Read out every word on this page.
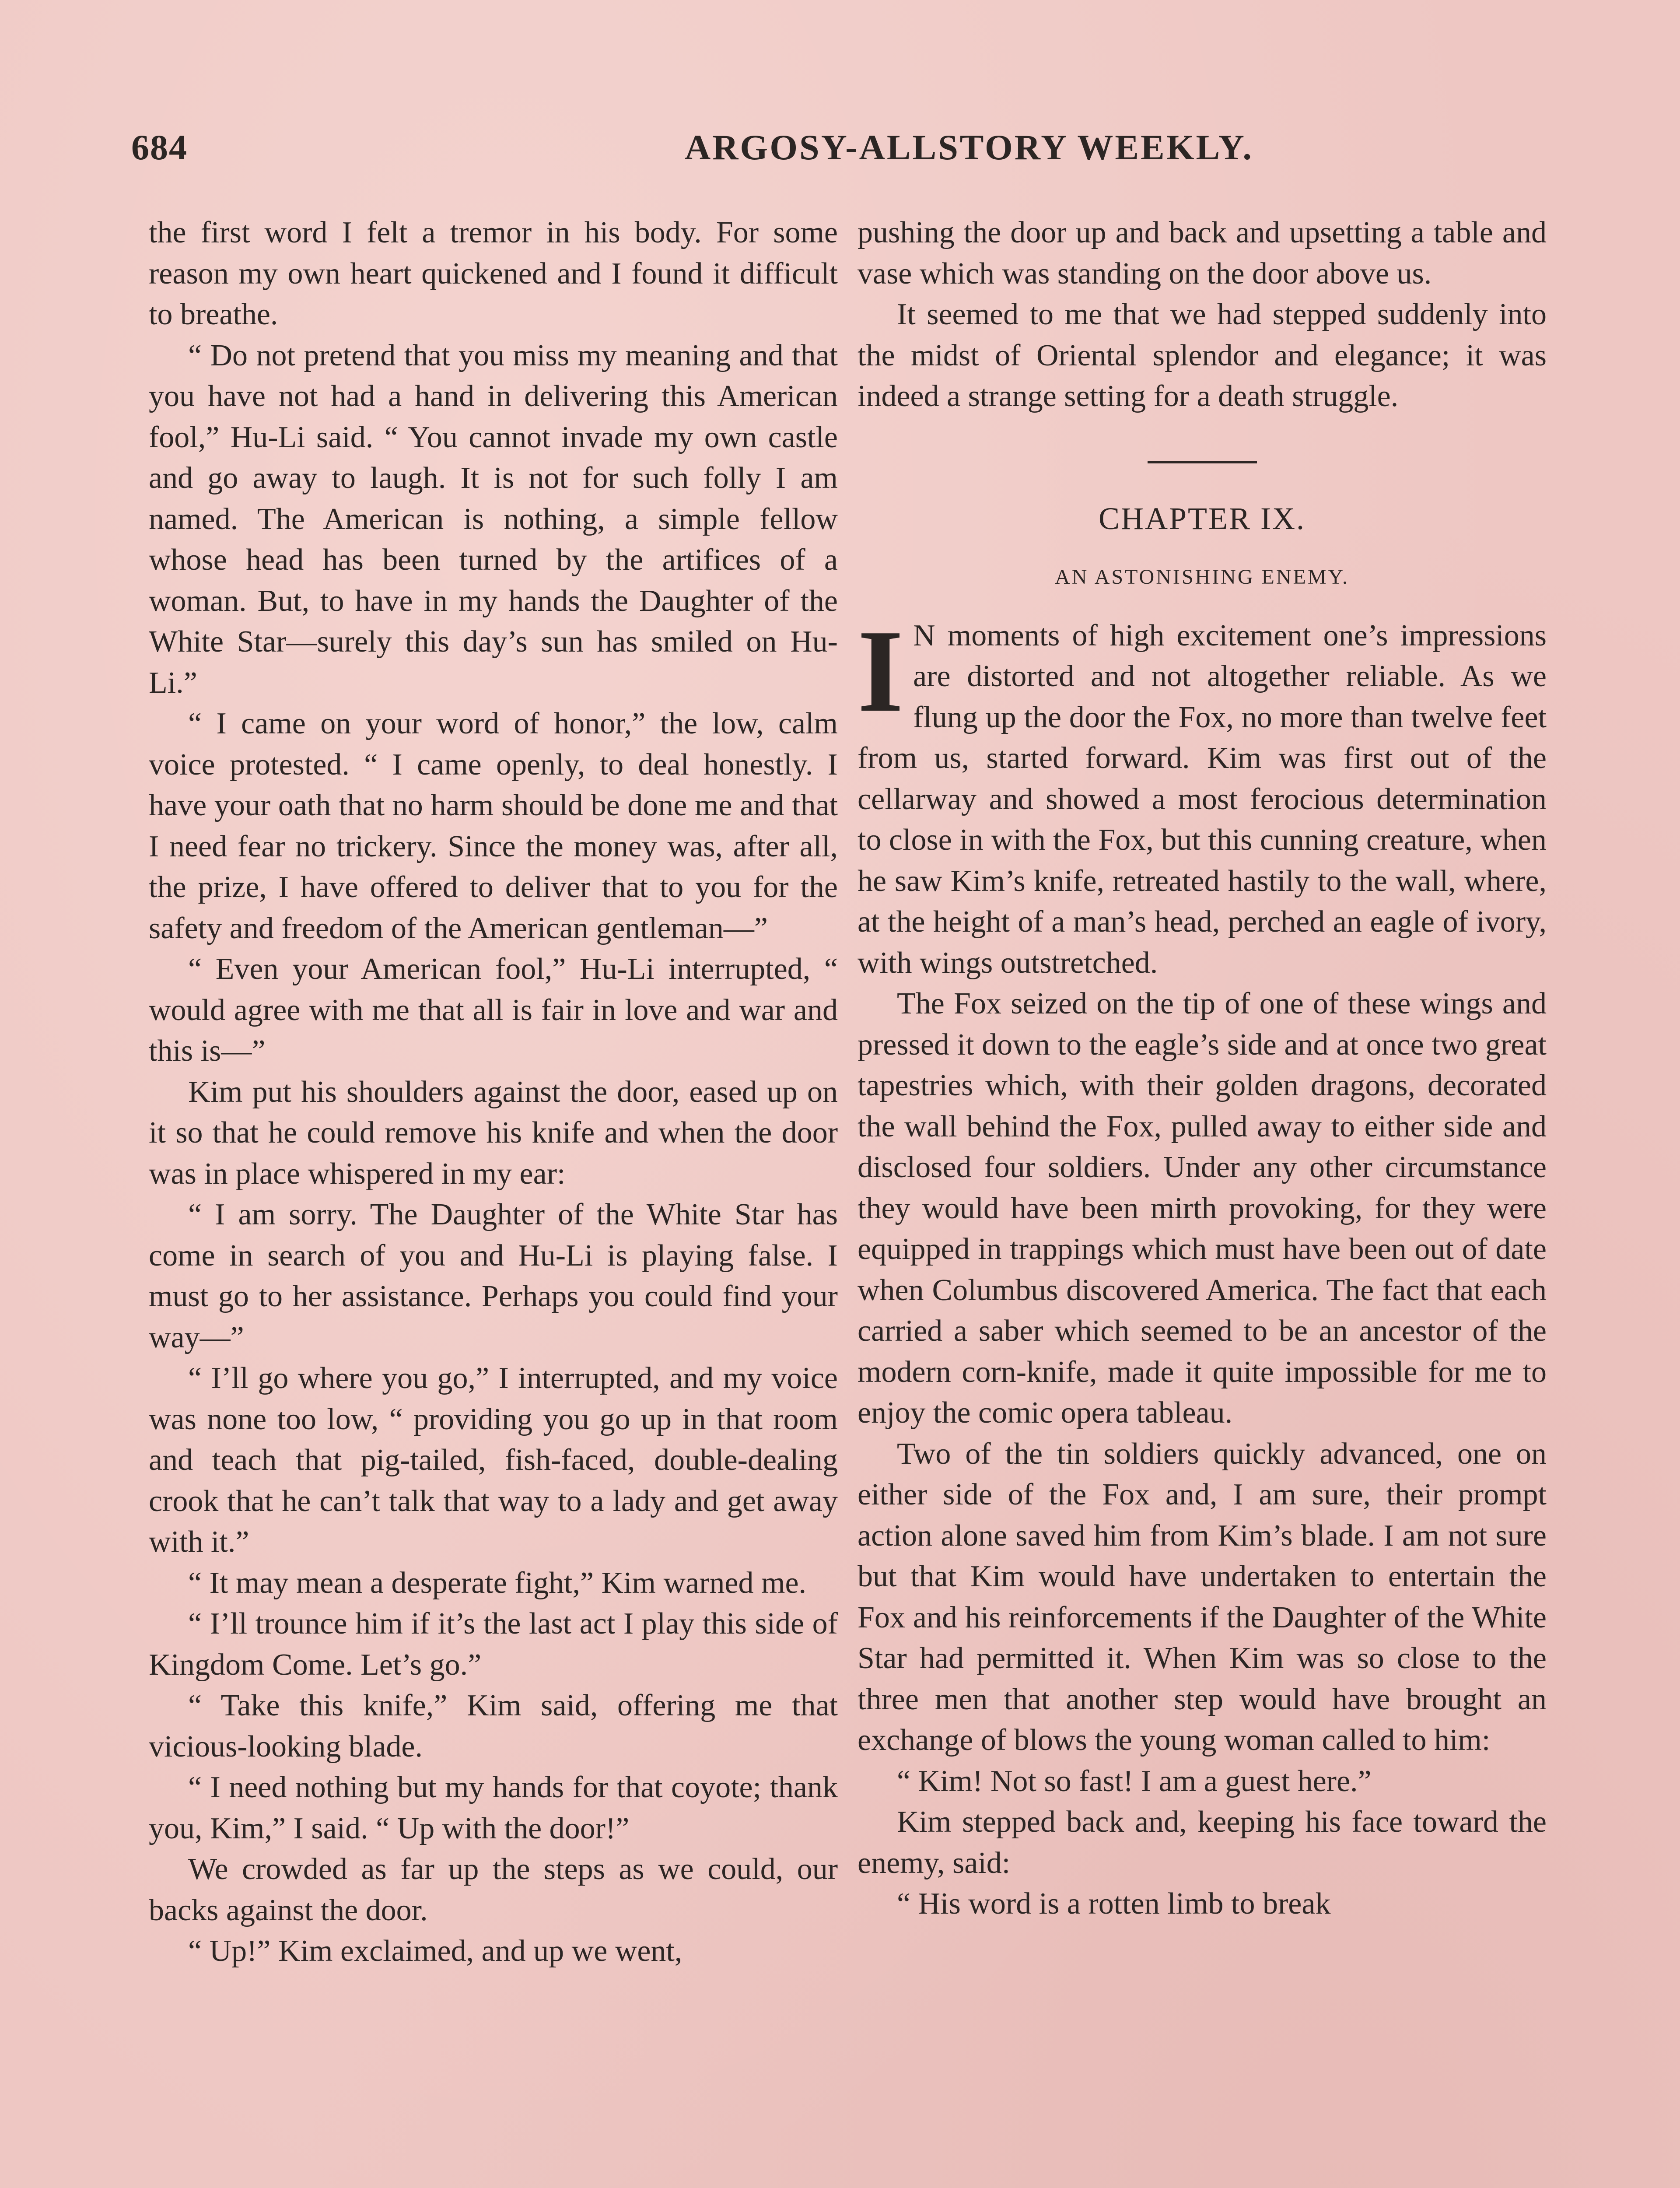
684	ARGOSY-ALLSTORY WEEKLY.

the first word I felt a tremor in his body. For some reason my own heart quickened and I found it difficult to breathe.

“ Do not pretend that you miss my meaning and that you have not had a hand in delivering this American fool,” Hu-Li said. “ You cannot invade my own castle and go away to laugh. It is not for such folly I am named. The American is nothing, a simple fellow whose head has been turned by the artifices of a woman. But, to have in my hands the Daughter of the White Star—surely this day’s sun has smiled on Hu-Li.”

“ I came on your word of honor,” the low, calm voice protested. “ I came openly, to deal honestly. I have your oath that no harm should be done me and that I need fear no trickery. Since the money was, after all, the prize, I have offered to deliver that to you for the safety and freedom of the American gentleman—”

“ Even your American fool,” Hu-Li interrupted, “ would agree with me that all is fair in love and war and this is—”

Kim put his shoulders against the door, eased up on it so that he could remove his knife and when the door was in place whispered in my ear:

“ I am sorry. The Daughter of the White Star has come in search of you and Hu-Li is playing false. I must go to her assistance. Perhaps you could find your way—”

“ I’ll go where you go,” I interrupted, and my voice was none too low, “ providing you go up in that room and teach that pig-tailed, fish-faced, double-dealing crook that he can’t talk that way to a lady and get away with it.”

“ It may mean a desperate fight,” Kim warned me.

“ I’ll trounce him if it’s the last act I play this side of Kingdom Come. Let’s go.”

“ Take this knife,” Kim said, offering me that vicious-looking blade.

“ I need nothing but my hands for that coyote; thank you, Kim,” I said. “ Up with the door!”

We crowded as far up the steps as we could, our backs against the door.

“ Up!” Kim exclaimed, and up we went,

pushing the door up and back and upsetting a table and vase which was standing on the door above us.

It seemed to me that we had stepped suddenly into the midst of Oriental splendor and elegance; it was indeed a strange setting for a death struggle.

CHAPTER IX.
AN ASTONISHING ENEMY.

I N moments of high excitement one’s impressions are distorted and not altogether reliable. As we flung up the door the Fox, no more than twelve feet from us, started forward. Kim was first out of the cellarway and showed a most ferocious determination to close in with the Fox, but this cunning creature, when he saw Kim’s knife, retreated hastily to the wall, where, at the height of a man’s head, perched an eagle of ivory, with wings outstretched.

The Fox seized on the tip of one of these wings and pressed it down to the eagle’s side and at once two great tapestries which, with their golden dragons, decorated the wall behind the Fox, pulled away to either side and disclosed four soldiers. Under any other circumstance they would have been mirth provoking, for they were equipped in trappings which must have been out of date when Columbus discovered America. The fact that each carried a saber which seemed to be an ancestor of the modern corn-knife, made it quite impossible for me to enjoy the comic opera tableau.

Two of the tin soldiers quickly advanced, one on either side of the Fox and, I am sure, their prompt action alone saved him from Kim’s blade. I am not sure but that Kim would have undertaken to entertain the Fox and his reinforcements if the Daughter of the White Star had permitted it. When Kim was so close to the three men that another step would have brought an exchange of blows the young woman called to him:

“ Kim! Not so fast! I am a guest here.”

Kim stepped back and, keeping his face toward the enemy, said:

“ His word is a rotten limb to break
